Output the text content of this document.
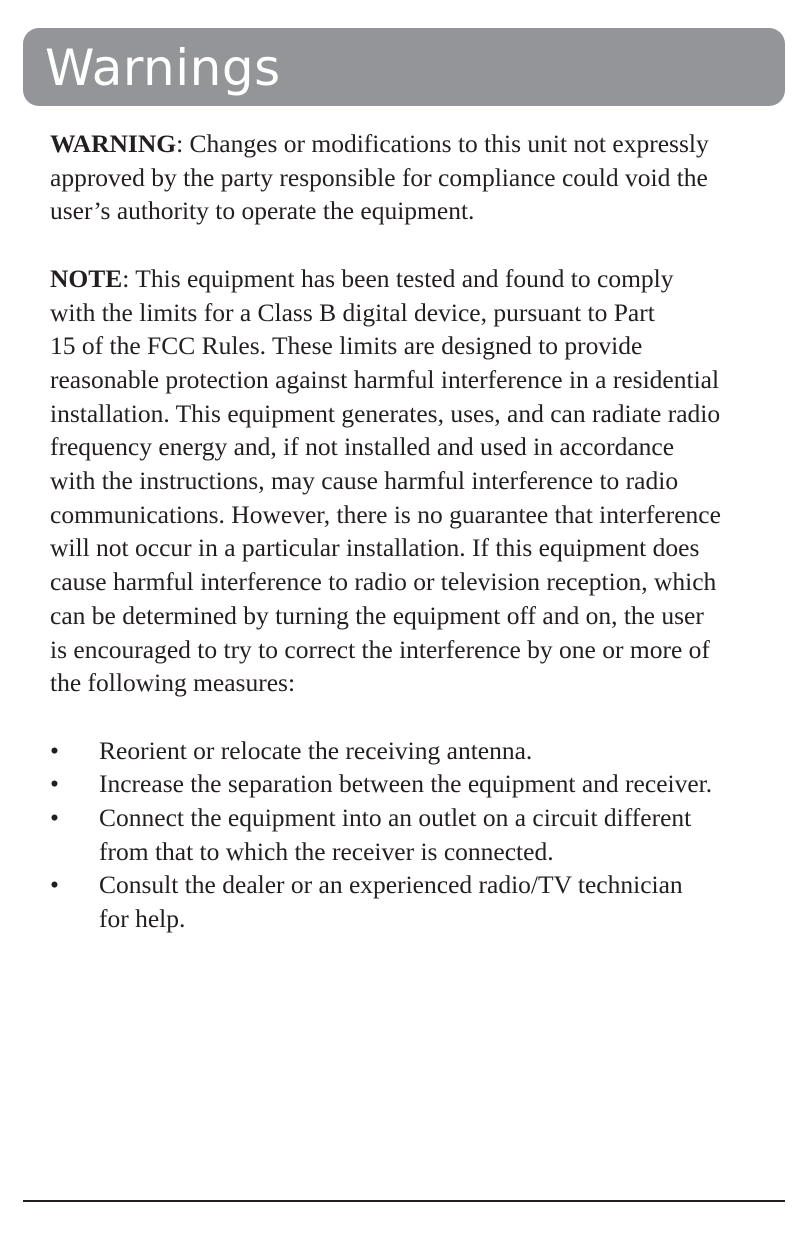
Warnings

WARNING: Changes or modifications to this unit not expressly
approved by the party responsible for compliance could void the
user’s authority to operate the equipment.

NOTE: This equipment has been tested and found to comply
with the limits for a Class B digital device, pursuant to Part
15 of the FCC Rules. These limits are designed to provide
reasonable protection against harmful interference in a residential
installation. This equipment generates, uses, and can radiate radio
frequency energy and, if not installed and used in accordance
with the instructions, may cause harmful interference to radio
communications. However, there is no guarantee that interference
will not occur in a particular installation. If this equipment does
cause harmful interference to radio or television reception, which
can be determined by turning the equipment off and on, the user
is encouraged to try to correct the interference by one or more of
the following measures:

•	Reorient or relocate the receiving antenna.
•	Increase the separation between the equipment and receiver.
•	Connect the equipment into an outlet on a circuit different
from that to which the receiver is connected.
•	Consult the dealer or an experienced radio/TV technician
for help.
